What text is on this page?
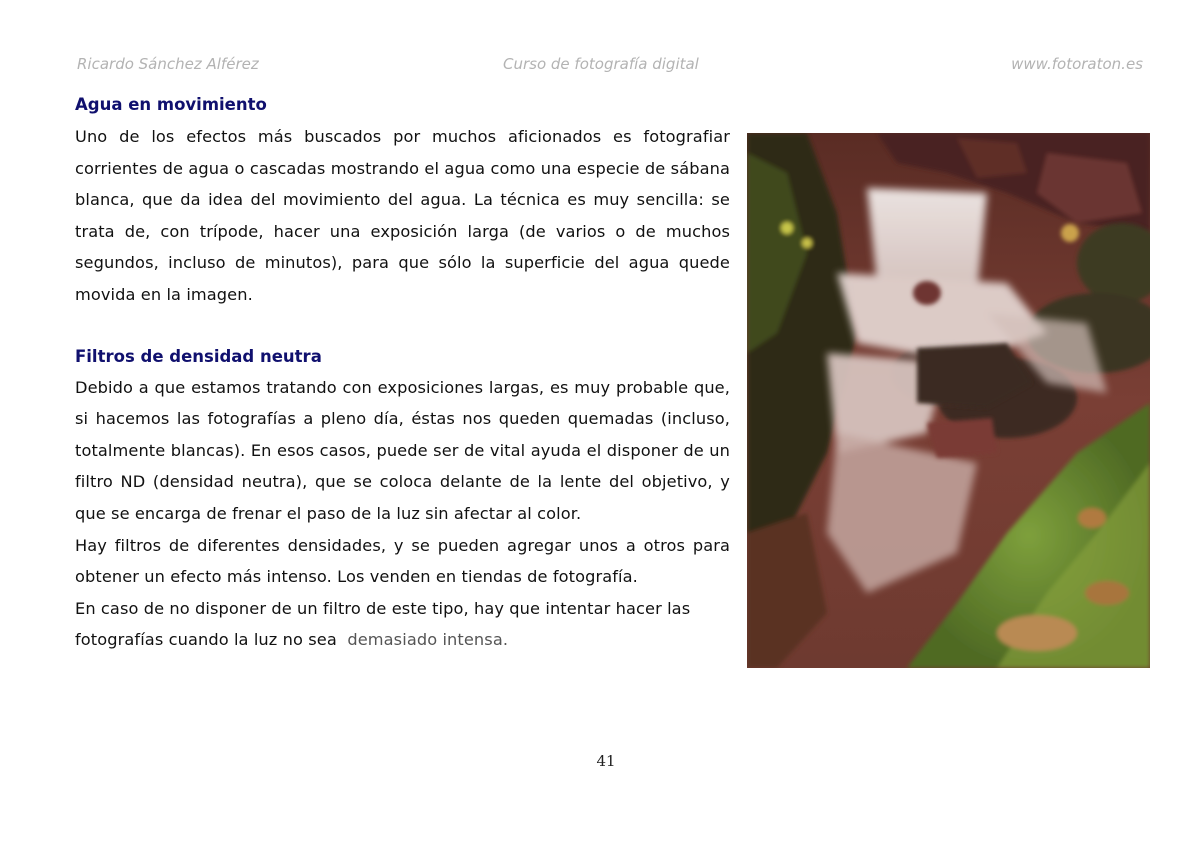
Ricardo Sánchez Alférez	Curso de fotografía digital	www.fotoraton.es
Agua en movimiento

Uno de los efectos más buscados por muchos aficionados es fotografiar corrientes de agua o cascadas mostrando el agua como una especie de sábana blanca, que da idea del movimiento del agua. La técnica es muy sencilla: se trata de, con trípode, hacer una exposición larga (de varios o de muchos segundos, incluso de minutos), para que sólo la superficie del agua quede movida en la imagen.

Filtros de densidad neutra

Debido a que estamos tratando con exposiciones largas, es muy probable que, si hacemos las fotografías a pleno día, éstas nos queden quemadas (incluso, totalmente blancas). En esos casos, puede ser de vital ayuda el disponer de un filtro ND (densidad neutra), que se coloca delante de la lente del objetivo, y que se encarga de frenar el paso de la luz sin afectar al color.

Hay filtros de diferentes densidades, y se pueden agregar unos a otros para obtener un efecto más intenso. Los venden en tiendas de fotografía.

En caso de no disponer de un filtro de este tipo, hay que intentar hacer las fotografías cuando la luz no sea demasiado intensa.

41
